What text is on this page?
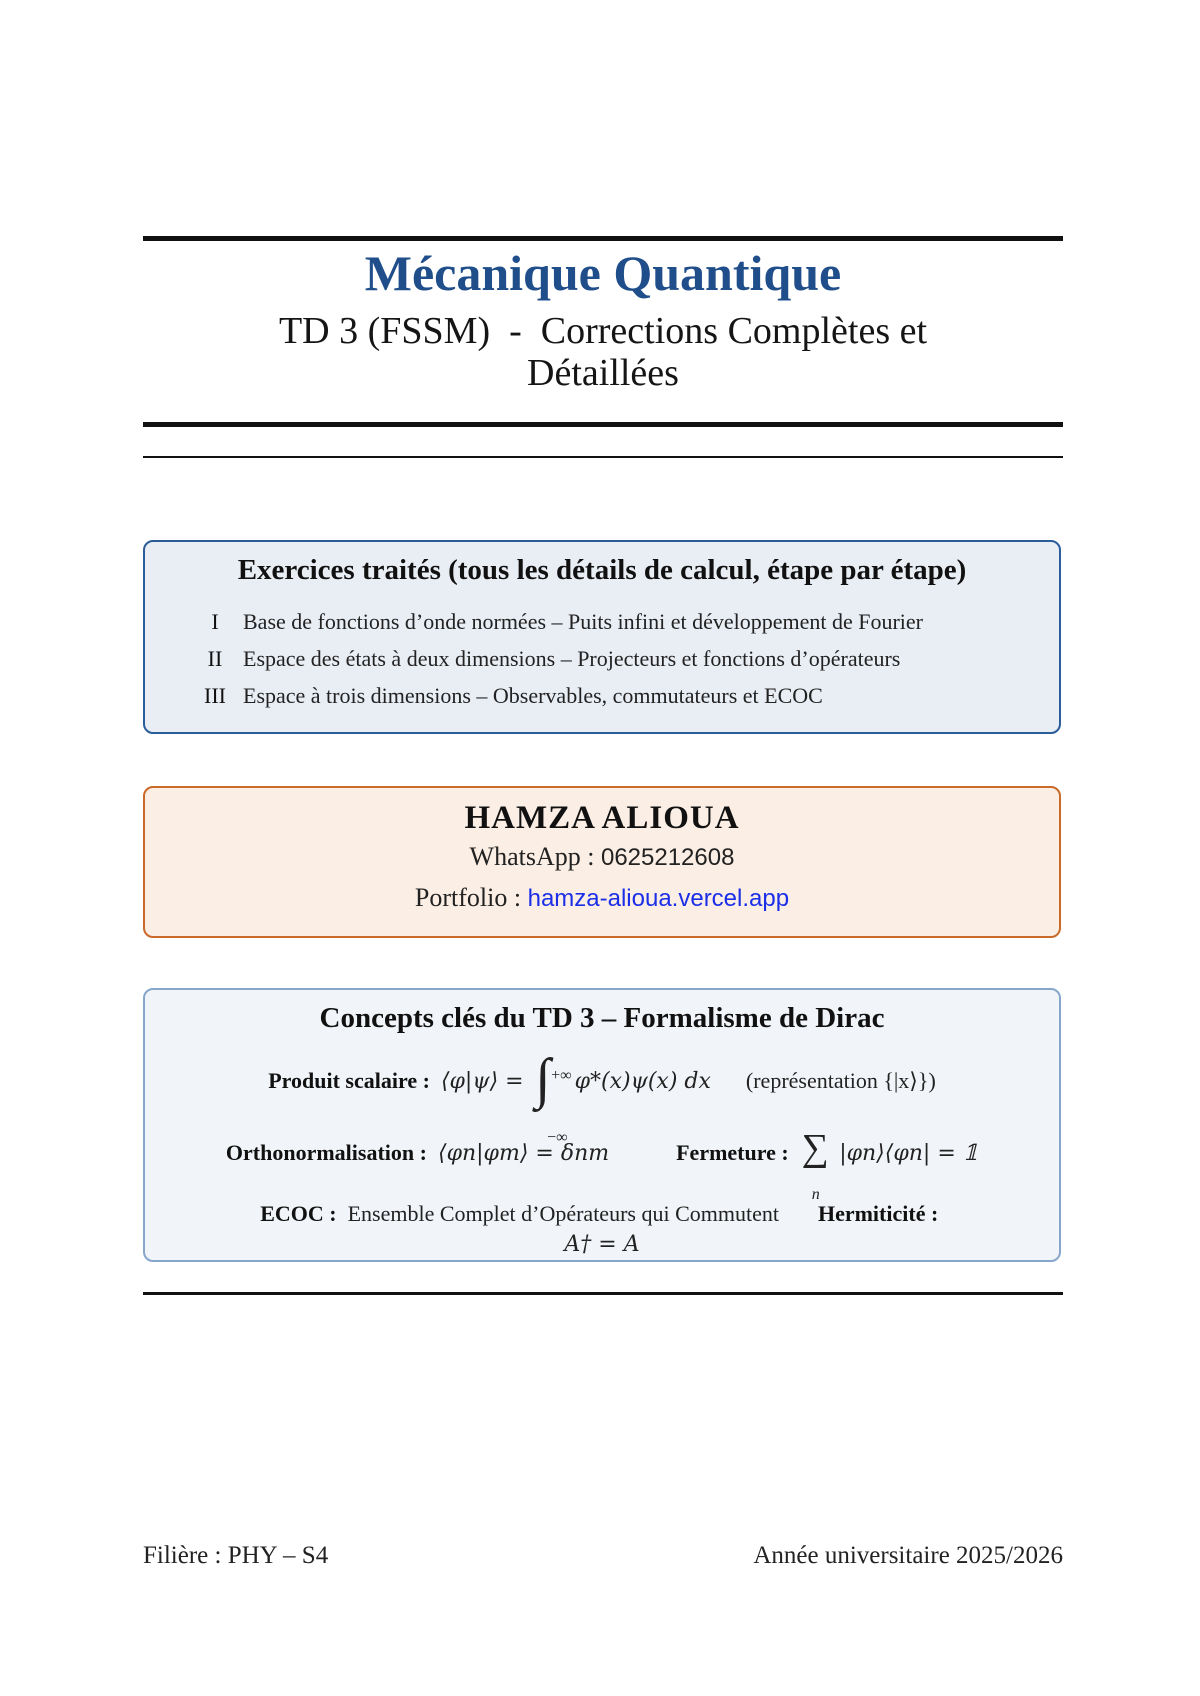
Mécanique Quantique

TD 3 (FSSM)  -  Corrections Complètes et
Détaillées

Exercices traités (tous les détails de calcul, étape par étape)
I	Base de fonctions d’onde normées – Puits infini et développement de Fourier
II Espace des états à deux dimensions – Projecteurs et fonctions d’opérateurs
III Espace à trois dimensions – Observables, commutateurs et ECOC
HAMZA ALIOUA
WhatsApp : 0625212608
Portfolio : hamza-alioua.vercel.app
Concepts clés du TD 3 – Formalisme de Dirac
Produit scalaire :  ⟨φ|ψ⟩ = ∫ +∞
−∞
φ*(x)ψ(x) dx (représentation {|x⟩})
Orthonormalisation :  ⟨φn|φm⟩ = δnm	Fermeture : ∑
n
|φn⟩⟨φn| = 𝟙
ECOC :  Ensemble Complet d’Opérateurs qui Commutent Hermiticité :
A† = A
Filière : PHY – S4	Année universitaire 2025/2026
